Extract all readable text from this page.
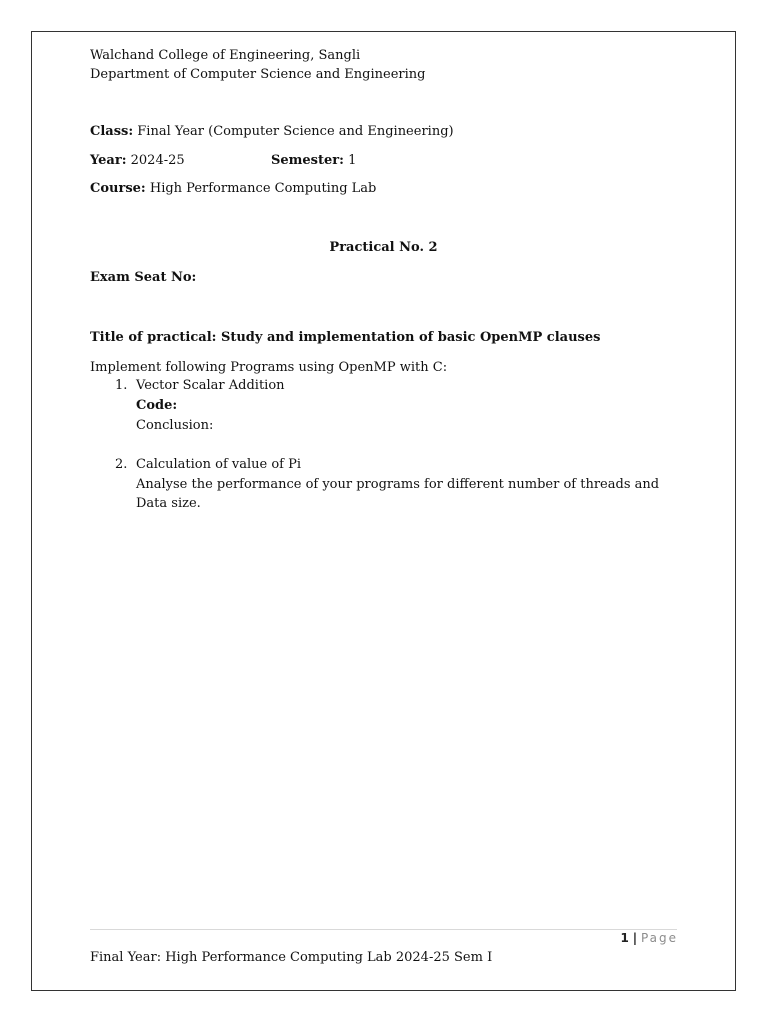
Walchand College of Engineering, Sangli
Department of Computer Science and Engineering
Class: Final Year (Computer Science and Engineering)
Year: 2024-25	Semester: 1
Course: High Performance Computing Lab
Practical No. 2
Exam Seat No:
Title of practical: Study and implementation of basic OpenMP clauses
Implement following Programs using OpenMP with C:
1. Vector Scalar Addition
Code:
Conclusion:
2. Calculation of value of Pi
Analyse the performance of your programs for different number of threads and Data size.
1 | Page
Final Year: High Performance Computing Lab 2024-25 Sem I
